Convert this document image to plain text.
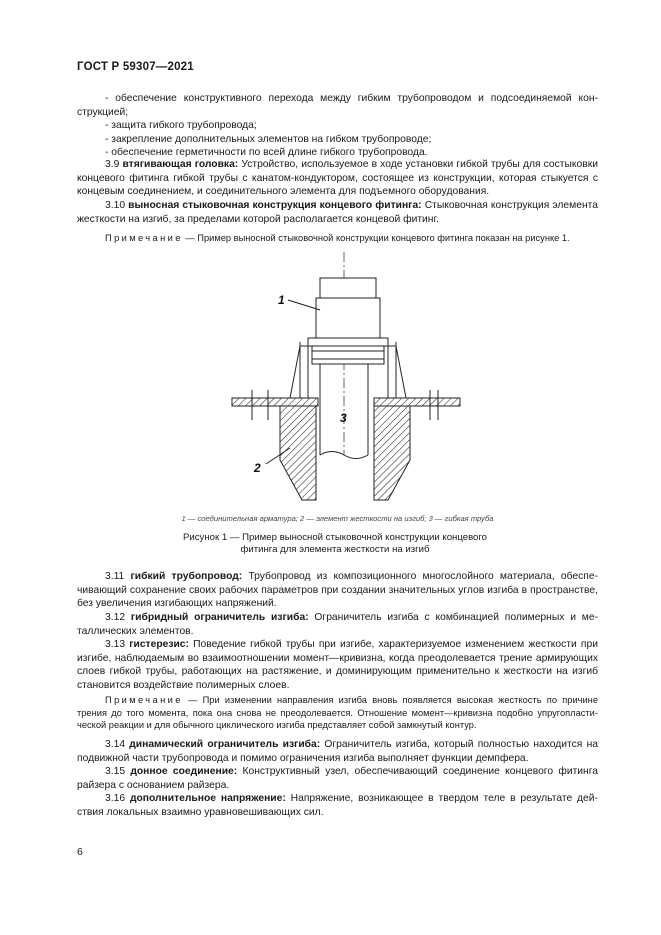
ГОСТ Р 59307—2021

- обеспечение конструктивного перехода между гибким трубопроводом и подсоединяемой конструкцией;

- защита гибкого трубопровода;

- закрепление дополнительных элементов на гибком трубопроводе;

- обеспечение герметичности по всей длине гибкого трубопровода.

3.9 втягивающая головка: Устройство, используемое в ходе установки гибкой трубы для состыковки концевого фитинга гибкой трубы с канатом-кондуктором, состоящее из конструкции, которая стыкуется с концевым соединением, и соединительного элемента для подъемного оборудования.
3.10 выносная стыковочная конструкция концевого фитинга: Стыковочная конструкция элемента жесткости на изгиб, за пределами которой располагается концевой фитинг.
Примечание — Пример выносной стыковочной конструкции концевого фитинга показан на рисунке 1.
1
2
3
1 — соединительная арматура; 2 — элемент жесткости на изгиб; 3 — гибкая труба
Рисунок 1 — Пример выносной стыковочной конструкции концевого
фитинга для элемента жесткости на изгиб
3.11 гибкий трубопровод: Трубопровод из композиционного многослойного материала, обеспечивающий сохранение своих рабочих параметров при создании значительных углов изгиба в пространстве, без увеличения изгибающих напряжений.
3.12 гибридный ограничитель изгиба: Ограничитель изгиба с комбинацией полимерных и металлических элементов.
3.13 гистерезис: Поведение гибкой трубы при изгибе, характеризуемое изменением жесткости при изгибе, наблюдаемым во взаимоотношении момент—кривизна, когда преодолевается трение армирующих слоев гибкой трубы, работающих на растяжение, и доминирующим применительно к жесткости на изгиб становится воздействие полимерных слоев.
Примечание — При изменении направления изгиба вновь появляется высокая жесткость по причине трения до того момента, пока она снова не преодолевается. Отношение момент—кривизна подобно упругопластической реакции и для обычного циклического изгиба представляет собой замкнутый контур.
3.14 динамический ограничитель изгиба: Ограничитель изгиба, который полностью находится на подвижной части трубопровода и помимо ограничения изгиба выполняет функции демпфера.
3.15 донное соединение: Конструктивный узел, обеспечивающий соединение концевого фитинга райзера с основанием райзера.
3.16 дополнительное напряжение: Напряжение, возникающее в твердом теле в результате действия локальных взаимно уравновешивающих сил.
6
